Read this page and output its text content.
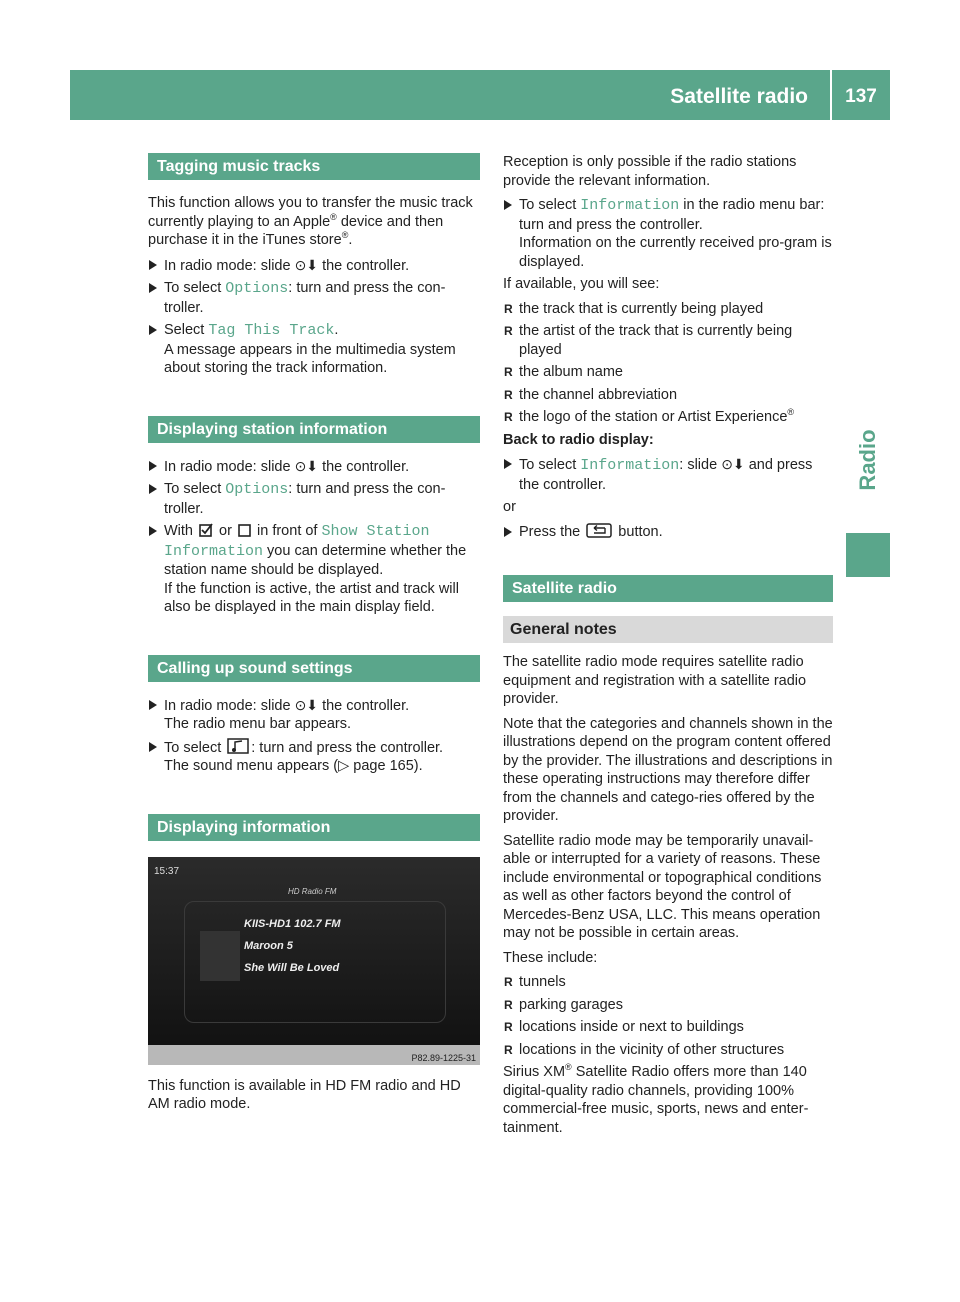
Satellite radio	137
Radio
Tagging music tracks

This function allows you to transfer the music track currently playing to an Apple® device and then purchase it in the iTunes store®.

In radio mode: slide ⊙⬇ the controller.
To select Options: turn and press the con-troller.
Select Tag This Track.
A message appears in the multimedia system about storing the track information.
Displaying station information
In radio mode: slide ⊙⬇ the controller.
To select Options: turn and press the con-troller.
With  or  in front of Show Station
Information you can determine whether the station name should be displayed.
If the function is active, the artist and track will also be displayed in the main display field.
Calling up sound settings
In radio mode: slide ⊙⬇ the controller.
The radio menu bar appears.
To select : turn and press the controller.
The sound menu appears (▷ page 165).
Displaying information
15:37
HD Radio FM
KIIS-HD1 102.7 FM
Maroon 5
She Will Be Loved
P82.89-1225-31

This function is available in HD FM radio and HD AM radio mode.

Reception is only possible if the radio stations provide the relevant information.

To select Information in the radio menu bar: turn and press the controller.
Information on the currently received pro-gram is displayed.

If available, you will see:

R the track that is currently being played
R the artist of the track that is currently being played
R the album name
R the channel abbreviation
R the logo of the station or Artist Experience®

Back to radio display:

To select Information: slide ⊙⬇ and press the controller.

or

Press the  button.
Satellite radio
General notes

The satellite radio mode requires satellite radio equipment and registration with a satellite radio provider.

Note that the categories and channels shown in the illustrations depend on the program content offered by the provider. The illustrations and descriptions in these operating instructions may therefore differ from the channels and catego-ries offered by the provider.

Satellite radio mode may be temporarily unavail-able or interrupted for a variety of reasons. These include environmental or topographical conditions as well as other factors beyond the control of Mercedes-Benz USA, LLC. This means operation may not be possible in certain areas.

These include:

R tunnels
R parking garages
R locations inside or next to buildings
R locations in the vicinity of other structures

Sirius XM® Satellite Radio offers more than 140 digital-quality radio channels, providing 100% commercial-free music, sports, news and enter-tainment.
